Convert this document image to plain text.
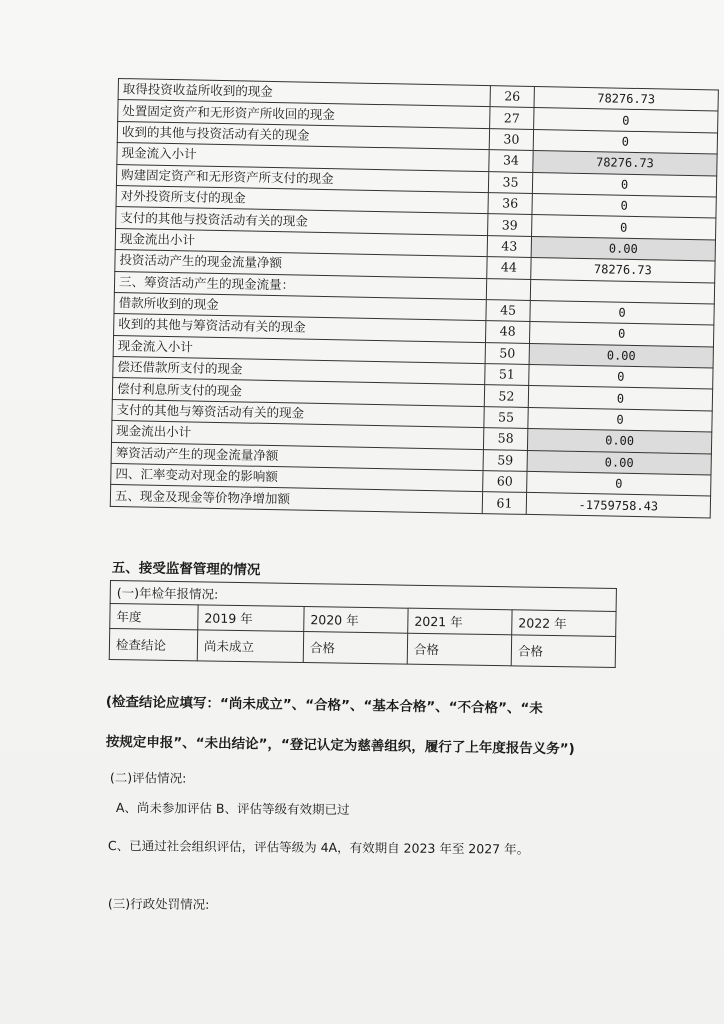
取得投资收益所收到的现金	26	78276.73
处置固定资产和无形资产所收回的现金	27	0
收到的其他与投资活动有关的现金	30	0
现金流入小计	34	78276.73
购建固定资产和无形资产所支付的现金	35	0
对外投资所支付的现金	36	0
支付的其他与投资活动有关的现金	39	0
现金流出小计	43	0.00
投资活动产生的现金流量净额	44	78276.73
三、筹资活动产生的现金流量：		
借款所收到的现金	45	0
收到的其他与筹资活动有关的现金	48	0
现金流入小计	50	0.00
偿还借款所支付的现金	51	0
偿付利息所支付的现金	52	0
支付的其他与筹资活动有关的现金	55	0
现金流出小计	58	0.00
筹资活动产生的现金流量净额	59	0.00
四、汇率变动对现金的影响额	60	0
五、现金及现金等价物净增加额	61	-1759758.43
五、接受监督管理的情况
(一)年检年报情况:				
年度	2019 年	2020 年	2021 年	2022 年
检查结论	尚未成立	合格	合格	合格
(检查结论应填写：“尚未成立”、“合格”、“基本合格”、“不合格”、“未
按规定申报”、“未出结论”，“登记认定为慈善组织，履行了上年度报告义务”)
(二)评估情况:
A、尚未参加评估 B、评估等级有效期已过
C、已通过社会组织评估，评估等级为 4A，有效期自 2023 年至 2027 年。
(三)行政处罚情况:
